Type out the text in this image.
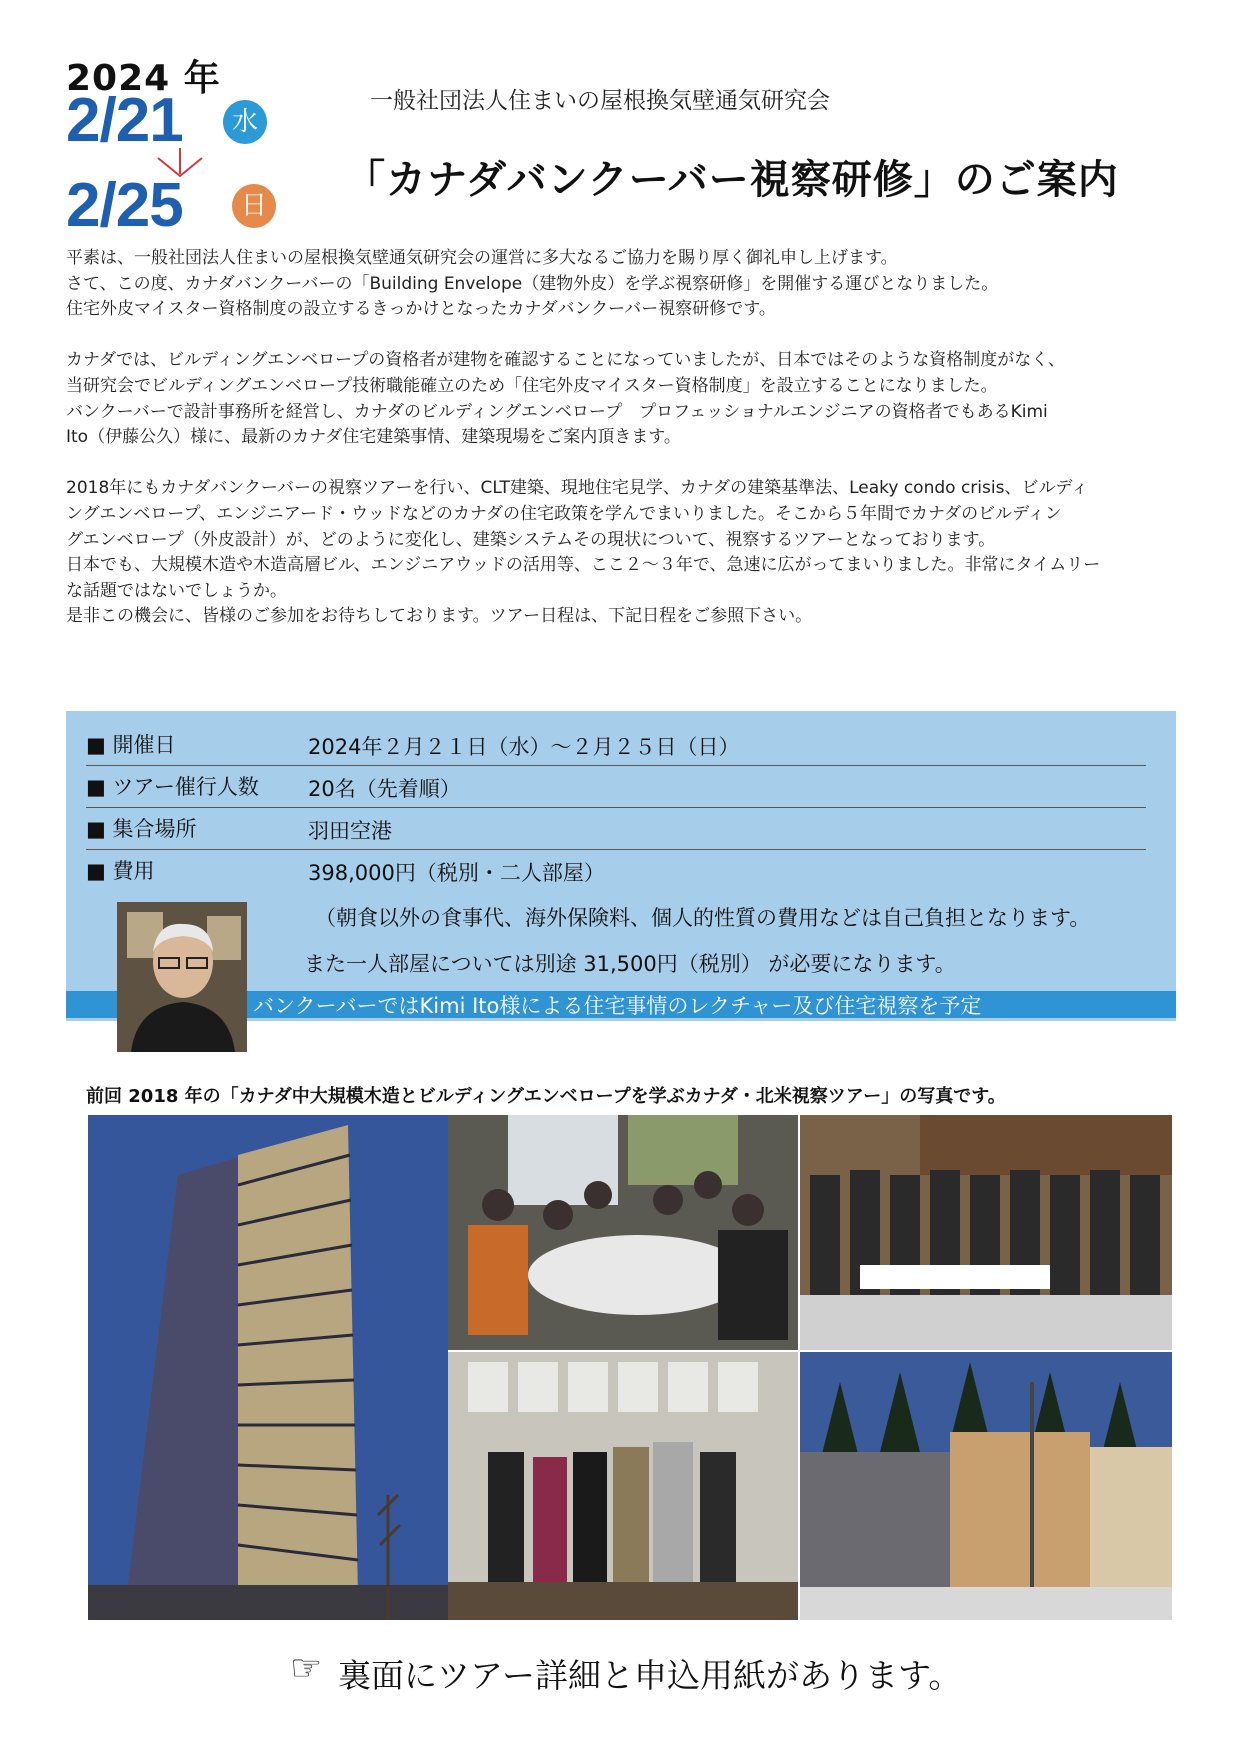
2024 年
2/21	水
2/25	日
一般社団法人住まいの屋根換気壁通気研究会
「カナダバンクーバー視察研修」のご案内

平素は、一般社団法人住まいの屋根換気壁通気研究会の運営に多大なるご協力を賜り厚く御礼申し上げます。

さて、この度、カナダバンクーバーの「Building Envelope（建物外皮）を学ぶ視察研修」を開催する運びとなりました。

住宅外皮マイスター資格制度の設立するきっかけとなったカナダバンクーバー視察研修です。

カナダでは、ビルディングエンベロープの資格者が建物を確認することになっていましたが、日本ではそのような資格制度がなく、

当研究会でビルディングエンベロープ技術職能確立のため「住宅外皮マイスター資格制度」を設立することになりました。

バンクーバーで設計事務所を経営し、カナダのビルディングエンベロープ　プロフェッショナルエンジニアの資格者でもあるKimi

Ito（伊藤公久）様に、最新のカナダ住宅建築事情、建築現場をご案内頂きます。

2018年にもカナダバンクーバーの視察ツアーを行い、CLT建築、現地住宅見学、カナダの建築基準法、Leaky condo crisis、ビルディ

ングエンベロープ、エンジニアード・ウッドなどのカナダの住宅政策を学んでまいりました。そこから５年間でカナダのビルディン

グエンベロープ（外皮設計）が、どのように変化し、建築システムその現状について、視察するツアーとなっております。

日本でも、大規模木造や木造高層ビル、エンジニアウッドの活用等、ここ２〜３年で、急速に広がってまいりました。非常にタイムリー

な話題ではないでしょうか。

是非この機会に、皆様のご参加をお待ちしております。ツアー日程は、下記日程をご参照下さい。

■ 開催日	2024年２月２１日（水）〜２月２５日（日）
■ ツアー催行人数 20名（先着順）
■ 集合場所	羽田空港
■ 費用	398,000円（税別・二人部屋）
（朝食以外の食事代、海外保険料、個人的性質の費用などは自己負担となります。
また一人部屋については別途 31,500円（税別） が必要になります。
バンクーバーではKimi Ito様による住宅事情のレクチャー及び住宅視察を予定
前回 2018 年の「カナダ中大規模木造とビルディングエンベロープを学ぶカナダ・北米視察ツアー」の写真です。
☞ 裏面にツアー詳細と申込用紙があります。
